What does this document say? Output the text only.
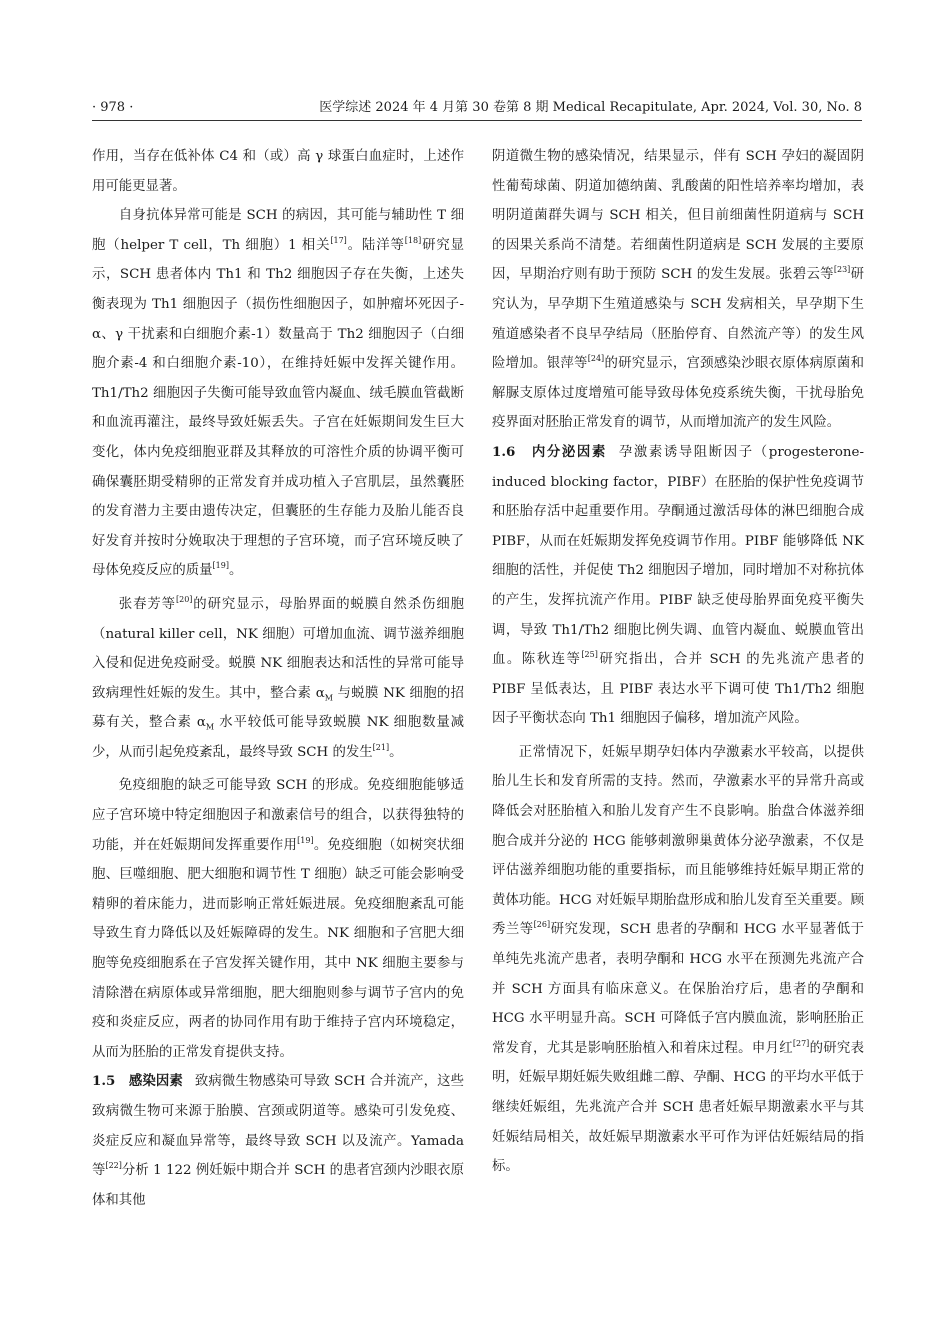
· 978 ·	医学综述 2024 年 4 月第 30 卷第 8 期 Medical Recapitulate, Apr. 2024, Vol. 30, No. 8

作用，当存在低补体 C4 和（或）高 γ 球蛋白血症时，上述作用可能更显著。

自身抗体异常可能是 SCH 的病因，其可能与辅助性 T 细胞（helper T cell，Th 细胞）1 相关[17]。陆洋等[18]研究显示，SCH 患者体内 Th1 和 Th2 细胞因子存在失衡，上述失衡表现为 Th1 细胞因子（损伤性细胞因子，如肿瘤坏死因子-α、γ 干扰素和白细胞介素-1）数量高于 Th2 细胞因子（白细胞介素-4 和白细胞介素-10），在维持妊娠中发挥关键作用。Th1/Th2 细胞因子失衡可能导致血管内凝血、绒毛膜血管截断和血流再灌注，最终导致妊娠丢失。子宫在妊娠期间发生巨大变化，体内免疫细胞亚群及其释放的可溶性介质的协调平衡可确保囊胚期受精卵的正常发育并成功植入子宫肌层，虽然囊胚的发育潜力主要由遗传决定，但囊胚的生存能力及胎儿能否良好发育并按时分娩取决于理想的子宫环境，而子宫环境反映了母体免疫反应的质量[19]。

张春芳等[20]的研究显示，母胎界面的蜕膜自然杀伤细胞（natural killer cell，NK 细胞）可增加血流、调节滋养细胞入侵和促进免疫耐受。蜕膜 NK 细胞表达和活性的异常可能导致病理性妊娠的发生。其中，整合素 $\alpha_M$ 与蜕膜 NK 细胞的招募有关，整合素 $\alpha_M$ 水平较低可能导致蜕膜 NK 细胞数量减少，从而引起免疫紊乱，最终导致 SCH 的发生[21]。

免疫细胞的缺乏可能导致 SCH 的形成。免疫细胞能够适应子宫环境中特定细胞因子和激素信号的组合，以获得独特的功能，并在妊娠期间发挥重要作用[19]。免疫细胞（如树突状细胞、巨噬细胞、肥大细胞和调节性 T 细胞）缺乏可能会影响受精卵的着床能力，进而影响正常妊娠进展。免疫细胞紊乱可能导致生育力降低以及妊娠障碍的发生。NK 细胞和子宫肥大细胞等免疫细胞系在子宫发挥关键作用，其中 NK 细胞主要参与清除潜在病原体或异常细胞，肥大细胞则参与调节子宫内的免疫和炎症反应，两者的协同作用有助于维持子宫内环境稳定，从而为胚胎的正常发育提供支持。

1.5　感染因素 致病微生物感染可导致 SCH 合并流产，这些致病微生物可来源于胎膜、宫颈或阴道等。感染可引发免疫、炎症反应和凝血异常等，最终导致 SCH 以及流产。Yamada 等[22]分析 1 122 例妊娠中期合并 SCH 的患者宫颈内沙眼衣原体和其他

阴道微生物的感染情况，结果显示，伴有 SCH 孕妇的凝固阴性葡萄球菌、阴道加德纳菌、乳酸菌的阳性培养率均增加，表明阴道菌群失调与 SCH 相关，但目前细菌性阴道病与 SCH 的因果关系尚不清楚。若细菌性阴道病是 SCH 发展的主要原因，早期治疗则有助于预防 SCH 的发生发展。张碧云等[23]研究认为，早孕期下生殖道感染与 SCH 发病相关，早孕期下生殖道感染者不良早孕结局（胚胎停育、自然流产等）的发生风险增加。银萍等[24]的研究显示，宫颈感染沙眼衣原体病原菌和解脲支原体过度增殖可能导致母体免疫系统失衡，干扰母胎免疫界面对胚胎正常发育的调节，从而增加流产的发生风险。

1.6　内分泌因素 孕激素诱导阻断因子（progesterone-induced blocking factor，PIBF）在胚胎的保护性免疫调节和胚胎存活中起重要作用。孕酮通过激活母体的淋巴细胞合成 PIBF，从而在妊娠期发挥免疫调节作用。PIBF 能够降低 NK 细胞的活性，并促使 Th2 细胞因子增加，同时增加不对称抗体的产生，发挥抗流产作用。PIBF 缺乏使母胎界面免疫平衡失调，导致 Th1/Th2 细胞比例失调、血管内凝血、蜕膜血管出血。陈秋连等[25]研究指出，合并 SCH 的先兆流产患者的 PIBF 呈低表达，且 PIBF 表达水平下调可使 Th1/Th2 细胞因子平衡状态向 Th1 细胞因子偏移，增加流产风险。

正常情况下，妊娠早期孕妇体内孕激素水平较高，以提供胎儿生长和发育所需的支持。然而，孕激素水平的异常升高或降低会对胚胎植入和胎儿发育产生不良影响。胎盘合体滋养细胞合成并分泌的 HCG 能够刺激卵巢黄体分泌孕激素，不仅是评估滋养细胞功能的重要指标，而且能够维持妊娠早期正常的黄体功能。HCG 对妊娠早期胎盘形成和胎儿发育至关重要。顾秀兰等[26]研究发现，SCH 患者的孕酮和 HCG 水平显著低于单纯先兆流产患者，表明孕酮和 HCG 水平在预测先兆流产合并 SCH 方面具有临床意义。在保胎治疗后，患者的孕酮和 HCG 水平明显升高。SCH 可降低子宫内膜血流，影响胚胎正常发育，尤其是影响胚胎植入和着床过程。申月红[27]的研究表明，妊娠早期妊娠失败组雌二醇、孕酮、HCG 的平均水平低于继续妊娠组，先兆流产合并 SCH 患者妊娠早期激素水平与其妊娠结局相关，故妊娠早期激素水平可作为评估妊娠结局的指标。
